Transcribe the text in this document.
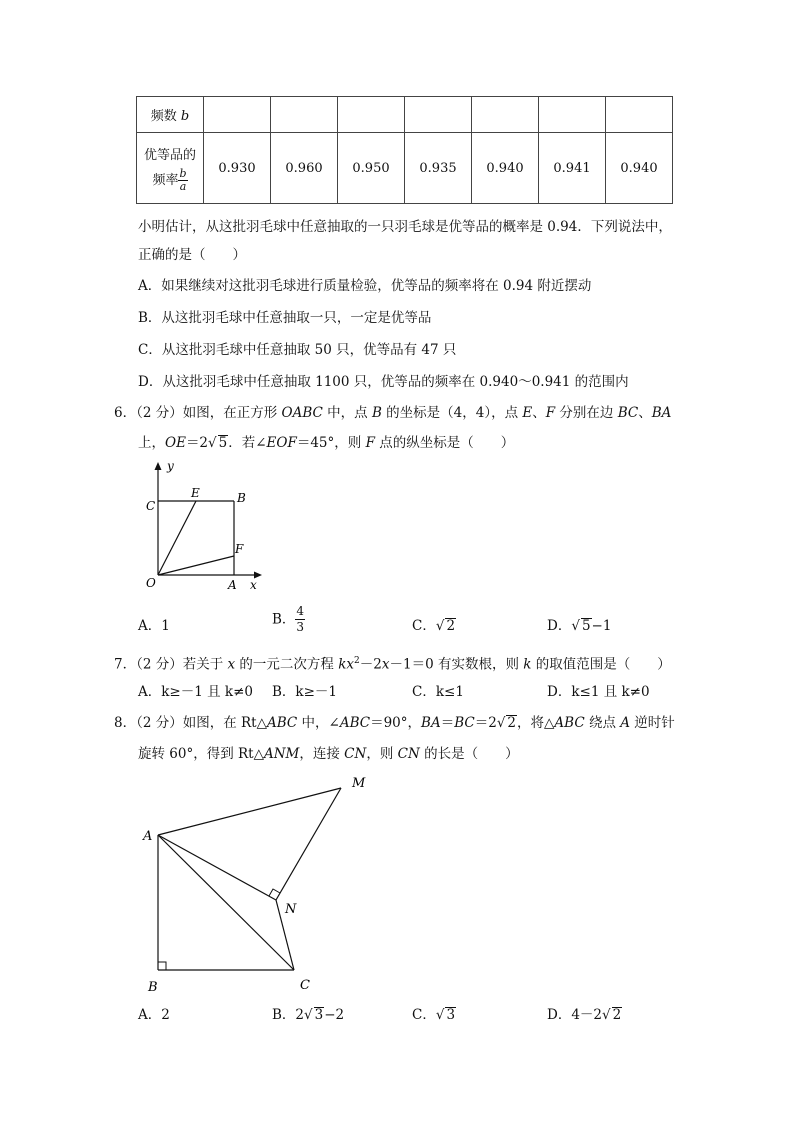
频数 b							

优等品的
频率 $\frac{b}{a}$	0.930	0.960	0.950	0.935	0.940	0.941	0.940
小明估计，从这批羽毛球中任意抽取的一只羽毛球是优等品的概率是 0.94．下列说法中，
正确的是（　　）
A．如果继续对这批羽毛球进行质量检验，优等品的频率将在 0.94 附近摆动
B．从这批羽毛球中任意抽取一只，一定是优等品
C．从这批羽毛球中任意抽取 50 只，优等品有 47 只
D．从这批羽毛球中任意抽取 1100 只，优等品的频率在 0.940～0.941 的范围内
6．（2 分）如图，在正方形 OABC 中，点 B 的坐标是（4，4），点 E、F 分别在边 BC、BA
上，OE＝2√ 5．若∠EOF＝45°，则 F 点的纵坐标是（　　）
y
x
C
E	B
F
O	A
A．1	B． $\frac{4}{3}$	C．√ 2	D．√ 5−1
7．（2 分）若关于 x 的一元二次方程 $kx^2-2x-1=0$ 有实数根，则 k 的取值范围是（　　）
A．k≥－1 且 k≠0 B．k≥－1	C．k≤1	D．k≤1 且 k≠0
8．（2 分）如图，在 Rt△ABC 中，∠ABC＝90°，BA＝BC＝2√ 2，将△ABC 绕点 A 逆时针
旋转 60°，得到 Rt△ANM，连接 CN，则 CN 的长是（　　）
M
A
N
B	C
A．2	B．2√ 3−2	C．√ 3	D．4－2√ 2
